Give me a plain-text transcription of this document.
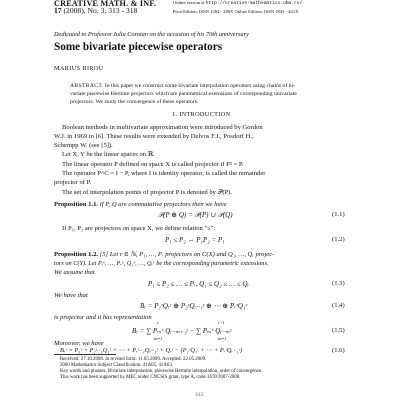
CREATIVE MATH. & INF.
17 (2008), No. 3, 313 - 318
Online version at http://creative-mathematics.ubm.ro/
Print Edition: ISSN 1584 - 286X Online Edition: ISSN 1843 - 441X
Dedicated to Professor Iuliu Coroian on the occasion of his 70th anniversary
Some bivariate piecewise operators
MARIUS BIROU
ABSTRACT. In this paper we construct some bivariate interpolation operators using chains of bi-
variate piecewise Hermite projectors which are parametrical extensions of corresponding univariate
projectors. We study the convergence of these operators.
1. INTRODUCTION
Boolean methods in multivariate approximation were introduced by Gordon
W.J. in 1969 in [6]. These results were extended by Delvos F.J., Posdorf H.,
Schempp W. (see [5]).
Let X, Y be the linear spaces on ℝ.
The linear operator P defined on space X is called projector if P² = P.
The operator P^C = I − P, where I is identity operator, is called the remainder
projector of P.
The set of interpolation points of projector P is denoted by 𝒫(P).
Proposition 1.1. If P, Q are commutative projectors then we have
𝒫(P ⊕ Q) = 𝒫(P) ∪ 𝒫(Q)	(1.1)
If P₁, P₂ are projectors on space X, we define relation "≤":
P₁ ≤ P₂ ⇔ P₁P₂ = P₁	(1.2)
Proposition 1.2. [5] Let r ∈ ℕ, P₁, …, Pᵣ projectors on C(X) and Q₁, …, Qᵣ projec-
tors on C(Y). Let Pᵢˣ, …, Pᵣˣ, Q₁ʸ, …, Qᵣʸ be the corresponding parametric extensions.
We assume that
P₁ ≤ P₂ ≤ … ≤ Pᵣ, Q₁ ≤ Q₂ ≤ … ≤ Qᵣ	(1.3)
We have that
Bᵣ = P₁ˣQᵣʸ ⊕ P₂ˣQᵣ₋₁ʸ ⊕ ⋯ ⊕ PᵣˣQ₁ʸ	(1.4)
is projector and it has representation
r
m=1
r−1
m=1
Bᵣ = ∑ Pₘˣ Qᵣ₋ₘ₊₁ʸ − ∑ Pₘˣ Qᵣ₋ₘʸ	(1.5)
Moreover, we have
Bᵣᶜ = P₁ᶜ + P₂ᶜ₋₁Q₁ᶜ + ⋯ + Pᵣᶜ₋₁Qᵣ₋₁ᶜ + Qᵣᶜ − (P₁ᶜQ₁ᶜ + ⋯ + PᵣᶜQᵣ₋₁ᶜ)	(1.6)
Received: 27.10.2008. In revised form: 11.05.2009. Accepted: 22.05.2009.
2000 Mathematics Subject Classification. 41A05, 41A63.
Key words and phrases. Bivariate interpolation, piecewise Hermite interpolation, order of convergence.
This work has been supported by MEC under CNCSIS grant, type A, code 1470/2007-2008.
313
